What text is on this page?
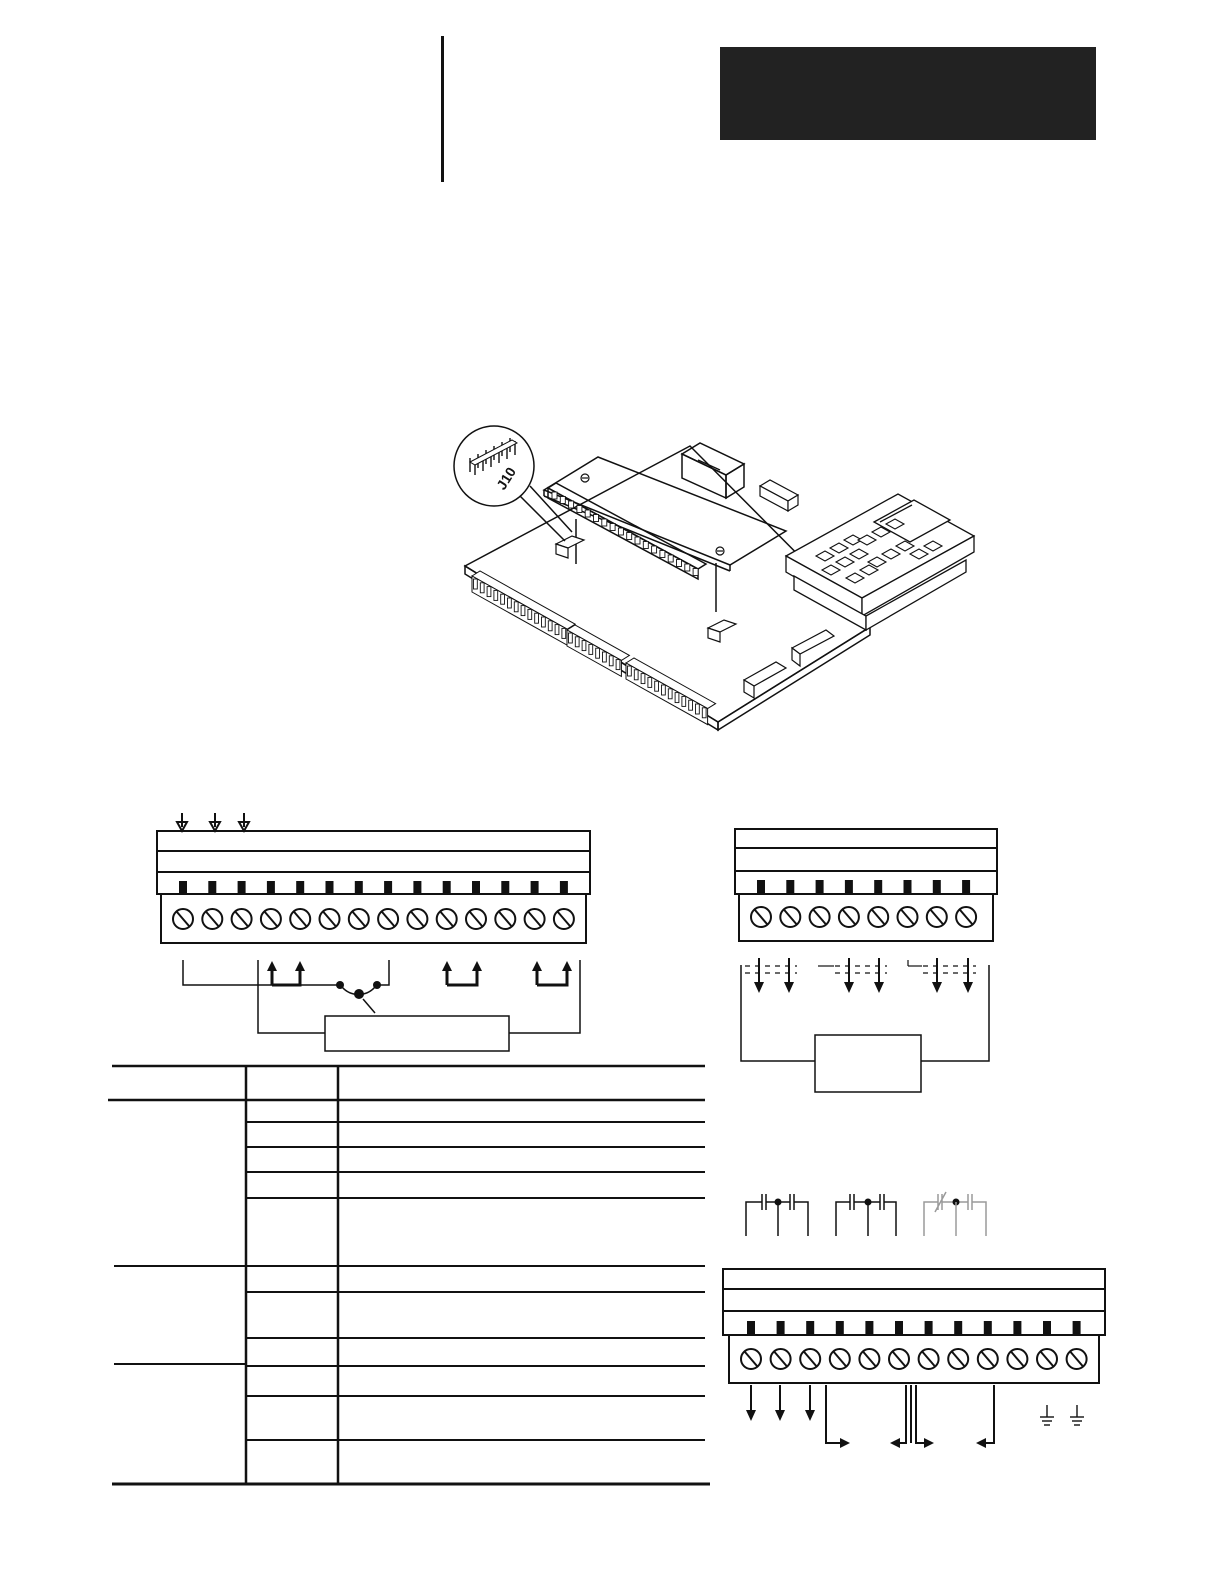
J10
